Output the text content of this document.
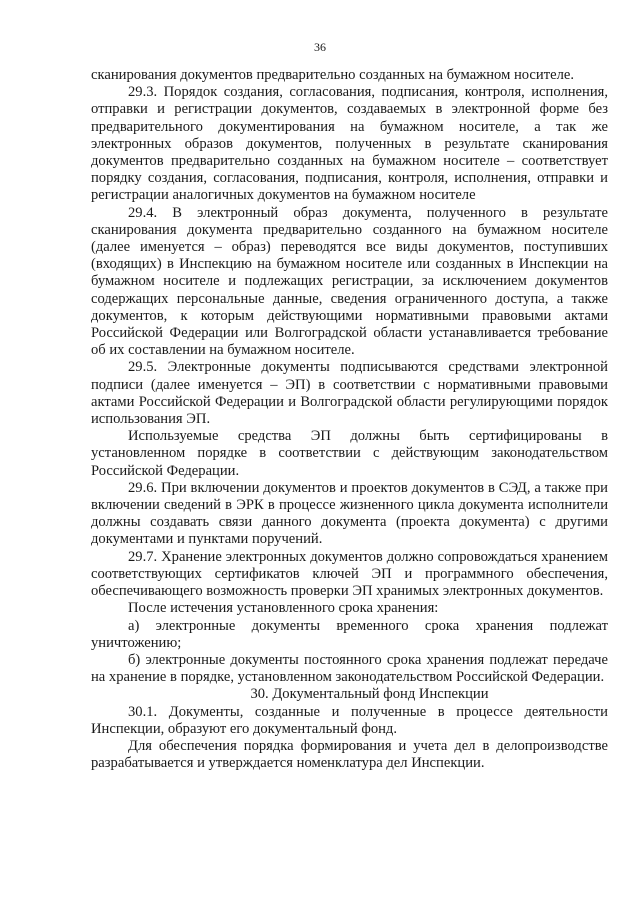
36

сканирования документов предварительно созданных на бумажном носителе.

29.3. Порядок создания, согласования, подписания, контроля, исполнения, отправки и регистрации документов, создаваемых в электронной форме без предварительного документирования на бумажном носителе, а так же электронных образов документов, полученных в результате сканирования документов предварительно созданных на бумажном носителе – соответствует порядку создания, согласования, подписания, контроля, исполнения, отправки и регистрации аналогичных документов на бумажном носителе

29.4. В электронный образ документа, полученного в результате сканирования документа предварительно созданного на бумажном носителе (далее именуется – образ) переводятся все виды документов, поступивших (входящих) в Инспекцию на бумажном носителе или созданных в Инспекции на бумажном носителе и подлежащих регистрации, за исключением документов содержащих персональные данные, сведения ограниченного доступа, а также документов, к которым действующими нормативными правовыми актами Российской Федерации или Волгоградской области устанавливается требование об их составлении на бумажном носителе.

29.5. Электронные документы подписываются средствами электронной подписи (далее именуется – ЭП) в соответствии с нормативными правовыми актами Российской Федерации и Волгоградской области регулирующими порядок использования ЭП.

Используемые средства ЭП должны быть сертифицированы в установленном порядке в соответствии с действующим законодательством Российской Федерации.

29.6. При включении документов и проектов документов в СЭД, а также при включении сведений в ЭРК в процессе жизненного цикла документа исполнители должны создавать связи данного документа (проекта документа) с другими документами и пунктами поручений.

29.7. Хранение электронных документов должно сопровождаться хранением соответствующих сертификатов ключей ЭП и программного обеспечения, обеспечивающего возможность проверки ЭП хранимых электронных документов.

После истечения установленного срока хранения:

а) электронные документы временного срока хранения подлежат уничтожению;

б) электронные документы постоянного срока хранения подлежат передаче на хранение в порядке, установленном законодательством Российской Федерации.

30. Документальный фонд Инспекции

30.1. Документы, созданные и полученные в процессе деятельности Инспекции, образуют его документальный фонд.

Для обеспечения порядка формирования и учета дел в делопроизводстве разрабатывается и утверждается номенклатура дел Инспекции.
